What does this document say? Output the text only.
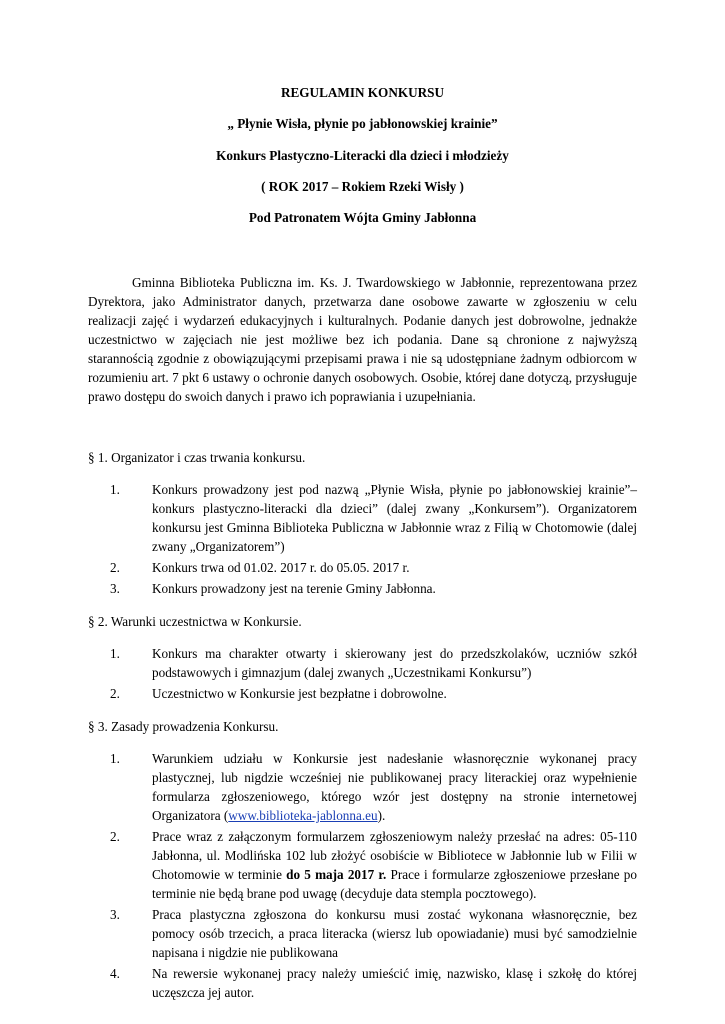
REGULAMIN KONKURSU

„ Płynie Wisła, płynie po jabłonowskiej krainie”

Konkurs Plastyczno-Literacki dla dzieci i młodzieży

( ROK 2017 – Rokiem Rzeki Wisły )

Pod Patronatem Wójta Gminy Jabłonna

Gminna Biblioteka Publiczna im. Ks. J. Twardowskiego w Jabłonnie, reprezentowana przez Dyrektora, jako Administrator danych, przetwarza dane osobowe zawarte w zgłoszeniu w celu realizacji zajęć i wydarzeń edukacyjnych i kulturalnych. Podanie danych jest dobrowolne, jednakże uczestnictwo w zajęciach nie jest możliwe bez ich podania. Dane są chronione z najwyższą starannością zgodnie z obowiązującymi przepisami prawa i nie są udostępniane żadnym odbiorcom w rozumieniu art. 7 pkt 6 ustawy o ochronie danych osobowych. Osobie, której dane dotyczą, przysługuje prawo dostępu do swoich danych i prawo ich poprawiania i uzupełniania.

§ 1. Organizator i czas trwania konkursu.

1.	Konkurs prowadzony jest pod nazwą „Płynie Wisła, płynie po jabłonowskiej krainie”– konkurs plastyczno-literacki dla dzieci” (dalej zwany „Konkursem”). Organizatorem konkursu jest Gminna Biblioteka Publiczna w Jabłonnie wraz z Filią w Chotomowie (dalej zwany „Organizatorem”)
2.	Konkurs trwa od 01.02. 2017 r. do 05.05. 2017 r.
3.	Konkurs prowadzony jest na terenie Gminy Jabłonna.

§ 2. Warunki uczestnictwa w Konkursie.

1.	Konkurs ma charakter otwarty i skierowany jest do przedszkolaków, uczniów szkół podstawowych i gimnazjum (dalej zwanych „Uczestnikami Konkursu”)
2.	Uczestnictwo w Konkursie jest bezpłatne i dobrowolne.

§ 3. Zasady prowadzenia Konkursu.

1.	Warunkiem udziału w Konkursie jest nadesłanie własnoręcznie wykonanej pracy plastycznej, lub nigdzie wcześniej nie publikowanej pracy literackiej oraz wypełnienie formularza zgłoszeniowego, którego wzór jest dostępny na stronie internetowej Organizatora (www.biblioteka-jablonna.eu).
2.	Prace wraz z załączonym formularzem zgłoszeniowym należy przesłać na adres: 05-110 Jabłonna, ul. Modlińska 102 lub złożyć osobiście w Bibliotece w Jabłonnie lub w Filii w Chotomowie w terminie do 5 maja 2017 r. Prace i formularze zgłoszeniowe przesłane po terminie nie będą brane pod uwagę (decyduje data stempla pocztowego).
3.	Praca plastyczna zgłoszona do konkursu musi zostać wykonana własnoręcznie, bez pomocy osób trzecich, a praca literacka (wiersz lub opowiadanie) musi być samodzielnie napisana i nigdzie nie publikowana
4.	Na rewersie wykonanej pracy należy umieścić imię, nazwisko, klasę i szkołę do której uczęszcza jej autor.
